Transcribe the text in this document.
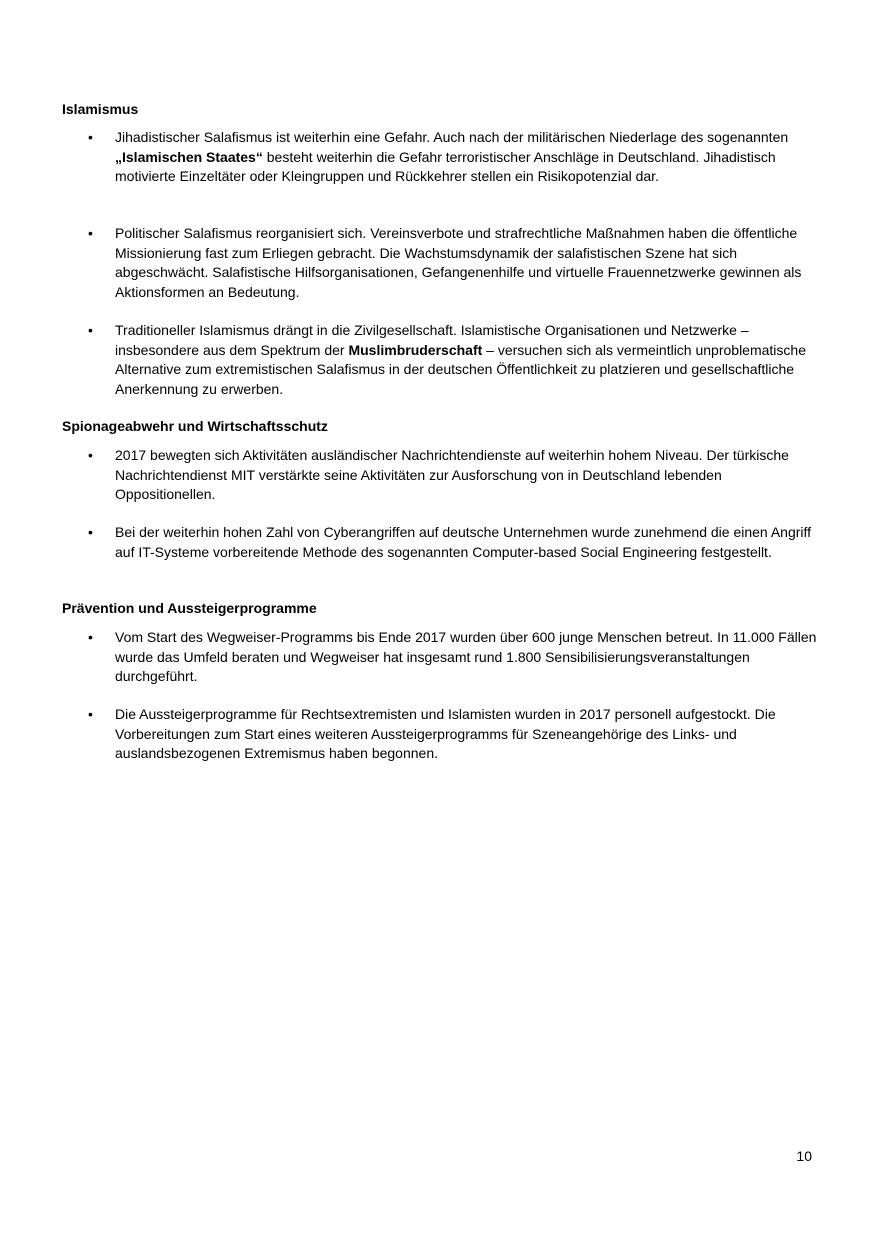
Islamismus
•	Jihadistischer Salafismus ist weiterhin eine Gefahr. Auch nach der militärischen Niederlage des sogenannten „Islamischen Staates“ besteht weiterhin die Gefahr terroristischer Anschläge in Deutschland. Jihadistisch motivierte Einzeltäter oder Kleingruppen und Rückkehrer stellen ein Risikopotenzial dar.

•	Politischer Salafismus reorganisiert sich. Vereinsverbote und strafrechtliche Maßnahmen haben die öffentliche Missionierung fast zum Erliegen gebracht. Die Wachstumsdynamik der salafistischen Szene hat sich abgeschwächt. Salafistische Hilfsorganisationen, Gefangenenhilfe und virtuelle Frauennetzwerke gewinnen als Aktionsformen an Bedeutung.

•	Traditioneller Islamismus drängt in die Zivilgesellschaft. Islamistische Organisationen und Netzwerke – insbesondere aus dem Spektrum der Muslimbruderschaft – versuchen sich als vermeintlich unproblematische Alternative zum extremistischen Salafismus in der deutschen Öffentlichkeit zu platzieren und gesellschaftliche Anerkennung zu erwerben.

Spionageabwehr und Wirtschaftsschutz
•	2017 bewegten sich Aktivitäten ausländischer Nachrichtendienste auf weiterhin hohem Niveau. Der türkische Nachrichtendienst MIT verstärkte seine Aktivitäten zur Ausforschung von in Deutschland lebenden Oppositionellen.

•	Bei der weiterhin hohen Zahl von Cyberangriffen auf deutsche Unternehmen wurde zunehmend die einen Angriff auf IT-Systeme vorbereitende Methode des sogenannten Computer-based Social Engineering festgestellt.

Prävention und Aussteigerprogramme
•	Vom Start des Wegweiser-Programms bis Ende 2017 wurden über 600 junge Menschen betreut. In 11.000 Fällen wurde das Umfeld beraten und Wegweiser hat insgesamt rund 1.800 Sensibilisierungsveranstaltungen durchgeführt.

•	Die Aussteigerprogramme für Rechtsextremisten und Islamisten wurden in 2017 personell aufgestockt. Die Vorbereitungen zum Start eines weiteren Aussteigerprogramms für Szeneangehörige des Links- und auslandsbezogenen Extremismus haben begonnen.

10
